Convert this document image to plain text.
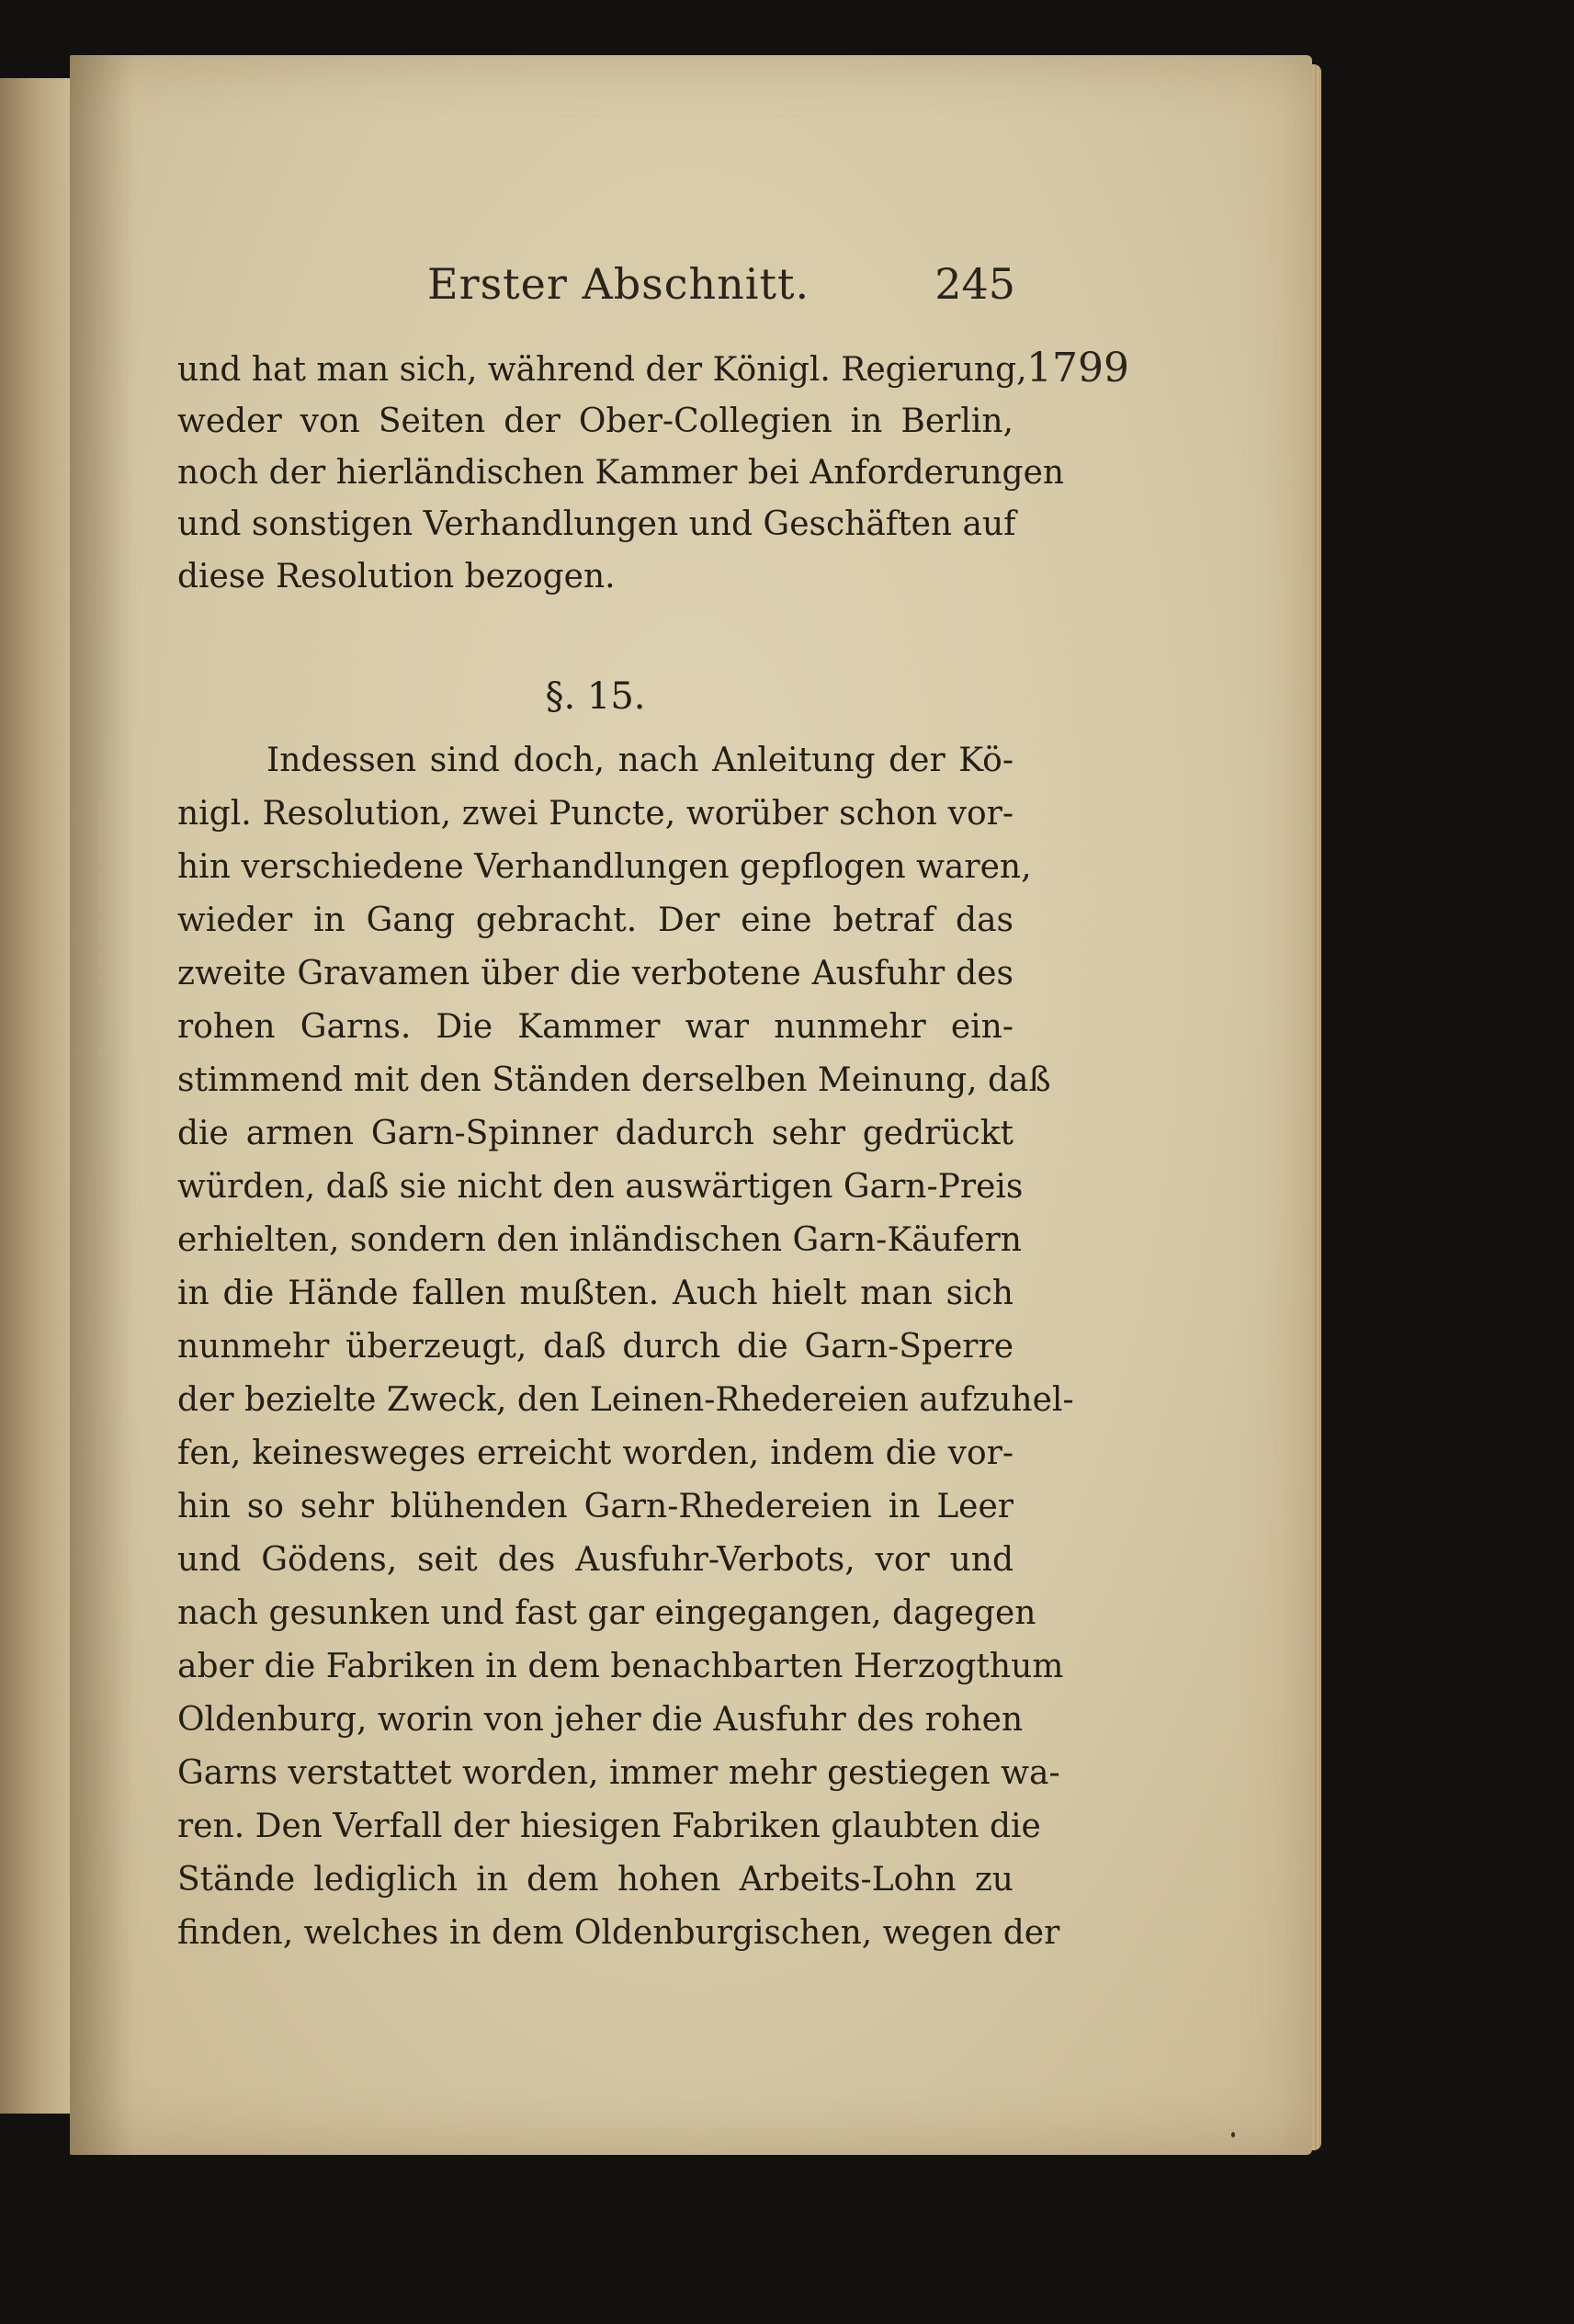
Erster Abschnitt.	245
1799
und hat man sich, während der Königl. Regierung,
weder von Seiten der Ober-Collegien in Berlin,
noch der hierländischen Kammer bei Anforderungen
und sonstigen Verhandlungen und Geschäften auf
diese Resolution bezogen.
§. 15.
Indessen sind doch, nach Anleitung der Kö-
nigl. Resolution, zwei Puncte, worüber schon vor-
hin verschiedene Verhandlungen gepflogen waren,
wieder in Gang gebracht. Der eine betraf das
zweite Gravamen über die verbotene Ausfuhr des
rohen Garns. Die Kammer war nunmehr ein-
stimmend mit den Ständen derselben Meinung, daß
die armen Garn-Spinner dadurch sehr gedrückt
würden, daß sie nicht den auswärtigen Garn-Preis
erhielten, sondern den inländischen Garn-Käufern
in die Hände fallen mußten. Auch hielt man sich
nunmehr überzeugt, daß durch die Garn-Sperre
der bezielte Zweck, den Leinen-Rhedereien aufzuhel-
fen, keinesweges erreicht worden, indem die vor-
hin so sehr blühenden Garn-Rhedereien in Leer
und Gödens, seit des Ausfuhr-Verbots, vor und
nach gesunken und fast gar eingegangen, dagegen
aber die Fabriken in dem benachbarten Herzogthum
Oldenburg, worin von jeher die Ausfuhr des rohen
Garns verstattet worden, immer mehr gestiegen wa-
ren. Den Verfall der hiesigen Fabriken glaubten die
Stände lediglich in dem hohen Arbeits-Lohn zu
finden, welches in dem Oldenburgischen, wegen der
